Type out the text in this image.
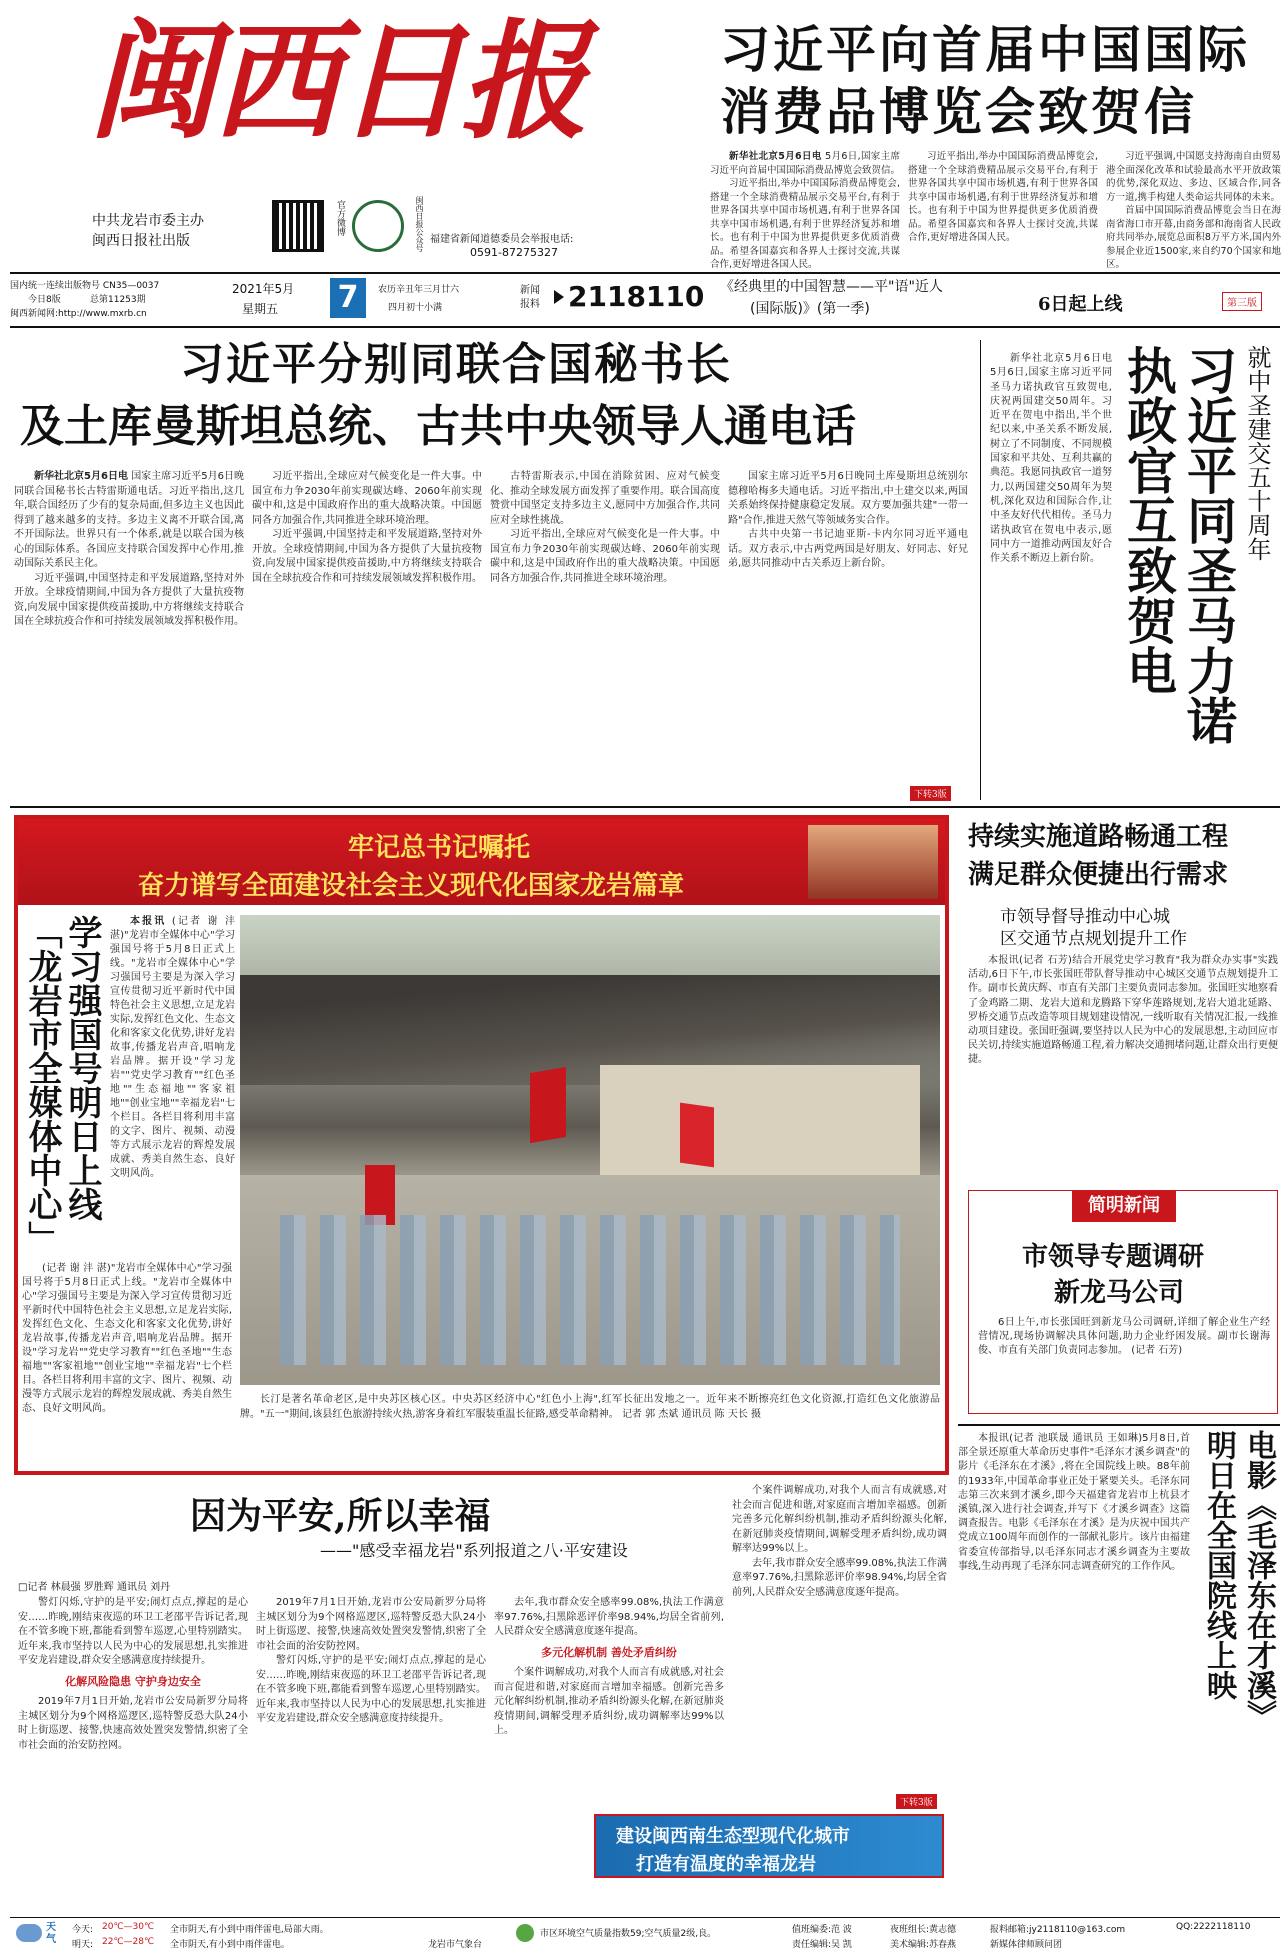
闽西日报
中共龙岩市委主办
闽西日报社出版
官方微博	闽西日报公众号 福建省新闻道德委员会举报电话:
0591-87275327
习近平向首届中国国际
消费品博览会致贺信

新华社北京5月6日电 5月6日,国家主席习近平向首届中国国际消费品博览会致贺信。

习近平指出,举办中国国际消费品博览会,搭建一个全球消费精品展示交易平台,有利于世界各国共享中国市场机遇,有利于世界各国共享中国市场机遇,有利于世界经济复苏和增长。也有利于中国为世界提供更多优质消费品。希望各国嘉宾和各界人士探讨交流,共谋合作,更好增进各国人民。

习近平指出,举办中国国际消费品博览会,搭建一个全球消费精品展示交易平台,有利于世界各国共享中国市场机遇,有利于世界各国共享中国市场机遇,有利于世界经济复苏和增长。也有利于中国为世界提供更多优质消费品。希望各国嘉宾和各界人士探讨交流,共谋合作,更好增进各国人民。

习近平强调,中国愿支持海南自由贸易港全面深化改革和试验最高水平开放政策的优势,深化双边、多边、区域合作,同各方一道,携手构建人类命运共同体的未来。

首届中国国际消费品博览会当日在海南省海口市开幕,由商务部和海南省人民政府共同举办,展览总面积8万平方米,国内外参展企业近1500家,来自约70个国家和地区。

国内统一连续出版物号 CN35—0037
今日8版	总第11253期
闽西新闻网:http://www.mxrb.cn
2021年5月
星期五 7	农历辛丑年三月廿六
四月初十小满
新闻报料 2118110 《经典里的中国智慧——平"语"近人
(国际版)》(第一季)	6日起上线	第三版
习近平分别同联合国秘书长
及土库曼斯坦总统、古共中央领导人通电话

新华社北京5月6日电 国家主席习近平5月6日晚同联合国秘书长古特雷斯通电话。习近平指出,这几年,联合国经历了少有的复杂局面,但多边主义也因此得到了越来越多的支持。多边主义离不开联合国,离不开国际法。世界只有一个体系,就是以联合国为核心的国际体系。各国应支持联合国发挥中心作用,推动国际关系民主化。

习近平强调,中国坚持走和平发展道路,坚持对外开放。全球疫情期间,中国为各方提供了大量抗疫物资,向发展中国家提供疫苗援助,中方将继续支持联合国在全球抗疫合作和可持续发展领域发挥积极作用。

习近平指出,全球应对气候变化是一件大事。中国宣布力争2030年前实现碳达峰、2060年前实现碳中和,这是中国政府作出的重大战略决策。中国愿同各方加强合作,共同推进全球环境治理。

习近平强调,中国坚持走和平发展道路,坚持对外开放。全球疫情期间,中国为各方提供了大量抗疫物资,向发展中国家提供疫苗援助,中方将继续支持联合国在全球抗疫合作和可持续发展领域发挥积极作用。

古特雷斯表示,中国在消除贫困、应对气候变化、推动全球发展方面发挥了重要作用。联合国高度赞赏中国坚定支持多边主义,愿同中方加强合作,共同应对全球性挑战。

习近平指出,全球应对气候变化是一件大事。中国宣布力争2030年前实现碳达峰、2060年前实现碳中和,这是中国政府作出的重大战略决策。中国愿同各方加强合作,共同推进全球环境治理。

国家主席习近平5月6日晚同土库曼斯坦总统别尔德穆哈梅多夫通电话。习近平指出,中土建交以来,两国关系始终保持健康稳定发展。双方要加强共建"一带一路"合作,推进天然气等领域务实合作。

古共中央第一书记迪亚斯-卡内尔同习近平通电话。双方表示,中古两党两国是好朋友、好同志、好兄弟,愿共同推动中古关系迈上新台阶。

下转3版
习近平同圣马力诺
执政官互致贺电	就中圣建交五十周年
新华社北京5月6日电 5月6日,国家主席习近平同圣马力诺执政官互致贺电,庆祝两国建交50周年。习近平在贺电中指出,半个世纪以来,中圣关系不断发展,树立了不同制度、不同规模国家和平共处、互利共赢的典范。我愿同执政官一道努力,以两国建交50周年为契机,深化双边和国际合作,让中圣友好代代相传。圣马力诺执政官在贺电中表示,愿同中方一道推动两国友好合作关系不断迈上新台阶。
牢记总书记嘱托
奋力谱写全面建设社会主义现代化国家龙岩篇章
学习强国号明日上线
「龙岩市全媒体中心」	本报讯 (记者 谢 沣 湛)"龙岩市全媒体中心"学习强国号将于5月8日正式上线。"龙岩市全媒体中心"学习强国号主要是为深入学习宣传贯彻习近平新时代中国特色社会主义思想,立足龙岩实际,发挥红色文化、生态文化和客家文化优势,讲好龙岩故事,传播龙岩声音,唱响龙岩品牌。据开设"学习龙岩""党史学习教育""红色圣地""生态福地""客家祖地""创业宝地""幸福龙岩"七个栏目。各栏目将利用丰富的文字、图片、视频、动漫等方式展示龙岩的辉煌发展成就、秀美自然生态、良好文明风尚。

(记者 谢 沣 湛)"龙岩市全媒体中心"学习强国号将于5月8日正式上线。"龙岩市全媒体中心"学习强国号主要是为深入学习宣传贯彻习近平新时代中国特色社会主义思想,立足龙岩实际,发挥红色文化、生态文化和客家文化优势,讲好龙岩故事,传播龙岩声音,唱响龙岩品牌。据开设"学习龙岩""党史学习教育""红色圣地""生态福地""客家祖地""创业宝地""幸福龙岩"七个栏目。各栏目将利用丰富的文字、图片、视频、动漫等方式展示龙岩的辉煌发展成就、秀美自然生态、良好文明风尚。
长汀是著名革命老区,是中央苏区核心区。中央苏区经济中心"红色小上海",红军长征出发地之一。近年来不断擦亮红色文化资源,打造红色文化旅游品牌。"五一"期间,该县红色旅游持续火热,游客身着红军服装重温长征路,感受革命精神。 记者 郭 杰斌 通讯员 陈 天长 摄
持续实施道路畅通工程
满足群众便捷出行需求
市领导督导推动中心城
区交通节点规划提升工作
本报讯(记者 石芳)结合开展党史学习教育"我为群众办实事"实践活动,6日下午,市长张国旺带队督导推动中心城区交通节点规划提升工作。副市长黄庆辉、市直有关部门主要负责同志参加。张国旺实地察看了金鸡路二期、龙岩大道和龙腾路下穿华莲路规划,龙岩大道北延路、罗桥交通节点改造等项目规划建设情况,一线听取有关情况汇报,一线推动项目建设。张国旺强调,要坚持以人民为中心的发展思想,主动回应市民关切,持续实施道路畅通工程,着力解决交通拥堵问题,让群众出行更便捷。
简明新闻
市领导专题调研
新龙马公司

6日上午,市长张国旺到新龙马公司调研,详细了解企业生产经营情况,现场协调解决具体问题,助力企业纾困发展。副市长谢海俊、市直有关部门负责同志参加。 (记者 石芳)

电影《毛泽东在才溪》
明日在全国院线上映
本报讯(记者 池联晟 通讯员 王如琳)5月8日,首部全景还原重大革命历史事件"毛泽东才溪乡调查"的影片《毛泽东在才溪》,将在全国院线上映。88年前的1933年,中国革命事业正处于紧要关头。毛泽东同志第三次来到才溪乡,即今天福建省龙岩市上杭县才溪镇,深入进行社会调查,并写下《才溪乡调查》这篇调查报告。电影《毛泽东在才溪》是为庆祝中国共产党成立100周年而创作的一部献礼影片。该片由福建省委宣传部指导,以毛泽东同志才溪乡调查为主要故事线,生动再现了毛泽东同志调查研究的工作作风。
因为平安,所以幸福
——"感受幸福龙岩"系列报道之八·平安建设
□记者 林晨强 罗胜辉 通讯员 刘丹

警灯闪烁,守护的是平安;闹灯点点,撑起的是心安……昨晚,刚结束夜巡的环卫工老邵平告诉记者,现在不管多晚下班,都能看到警车巡逻,心里特别踏实。近年来,我市坚持以人民为中心的发展思想,扎实推进平安龙岩建设,群众安全感满意度持续提升。

化解风险隐患 守护身边安全

2019年7月1日开始,龙岩市公安局新罗分局将主城区划分为9个网格巡逻区,巡特警反恐大队24小时上街巡逻、接警,快速高效处置突发警情,织密了全市社会面的治安防控网。

2019年7月1日开始,龙岩市公安局新罗分局将主城区划分为9个网格巡逻区,巡特警反恐大队24小时上街巡逻、接警,快速高效处置突发警情,织密了全市社会面的治安防控网。

警灯闪烁,守护的是平安;闹灯点点,撑起的是心安……昨晚,刚结束夜巡的环卫工老邵平告诉记者,现在不管多晚下班,都能看到警车巡逻,心里特别踏实。近年来,我市坚持以人民为中心的发展思想,扎实推进平安龙岩建设,群众安全感满意度持续提升。

去年,我市群众安全感率99.08%,执法工作满意率97.76%,扫黑除恶评价率98.94%,均居全省前列,人民群众安全感满意度逐年提高。

多元化解机制 善处矛盾纠纷

个案件调解成功,对我个人而言有成就感,对社会而言促进和谐,对家庭而言增加幸福感。创新完善多元化解纠纷机制,推动矛盾纠纷源头化解,在新冠肺炎疫情期间,调解受理矛盾纠纷,成功调解率达99%以上。

个案件调解成功,对我个人而言有成就感,对社会而言促进和谐,对家庭而言增加幸福感。创新完善多元化解纠纷机制,推动矛盾纠纷源头化解,在新冠肺炎疫情期间,调解受理矛盾纠纷,成功调解率达99%以上。

去年,我市群众安全感率99.08%,执法工作满意率97.76%,扫黑除恶评价率98.94%,均居全省前列,人民群众安全感满意度逐年提高。

下转3版
建设闽西南生态型现代化城市
打造有温度的幸福龙岩
天气
今天: 20℃—30℃ 全市阴天,有小到中雨伴雷电,局部大雨。
明天: 22℃—28℃ 全市阴天,有小到中雨伴雷电。	龙岩市气象台
市区环境空气质量指数59;空气质量2级,良。	值班编委:范 波	夜班组长:黄志德
责任编辑:吴 凯	美术编辑:苏春燕
报料邮箱:jy2118110@163.com	QQ:2222118110
新媒体律师顾问团
